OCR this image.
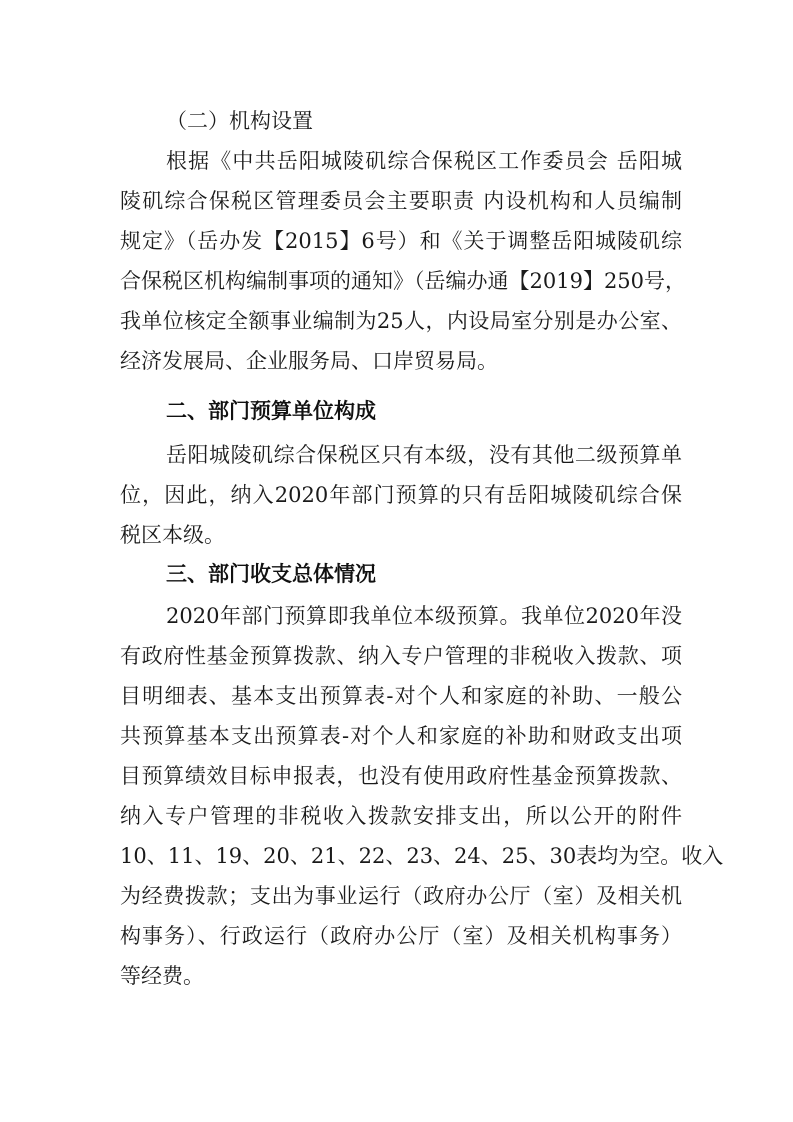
（二）机构设置

根据《中共岳阳城陵矶综合保税区工作委员会 岳阳城

陵矶综合保税区管理委员会主要职责 内设机构和人员编制

规定》（岳办发【2015】6号）和《关于调整岳阳城陵矶综

合保税区机构编制事项的通知》（岳编办通【2019】250号，

我单位核定全额事业编制为25人，内设局室分别是办公室、

经济发展局、企业服务局、口岸贸易局。

二、部门预算单位构成

岳阳城陵矶综合保税区只有本级，没有其他二级预算单

位，因此，纳入2020年部门预算的只有岳阳城陵矶综合保

税区本级。

三、部门收支总体情况

2020年部门预算即我单位本级预算。我单位2020年没

有政府性基金预算拨款、纳入专户管理的非税收入拨款、项

目明细表、基本支出预算表-对个人和家庭的补助、一般公

共预算基本支出预算表-对个人和家庭的补助和财政支出项

目预算绩效目标申报表，也没有使用政府性基金预算拨款、

纳入专户管理的非税收入拨款安排支出，所以公开的附件

10、11、19、20、21、22、23、24、25、30表均为空。收入

为经费拨款；支出为事业运行（政府办公厅（室）及相关机

构事务）、行政运行（政府办公厅（室）及相关机构事务）

等经费。
